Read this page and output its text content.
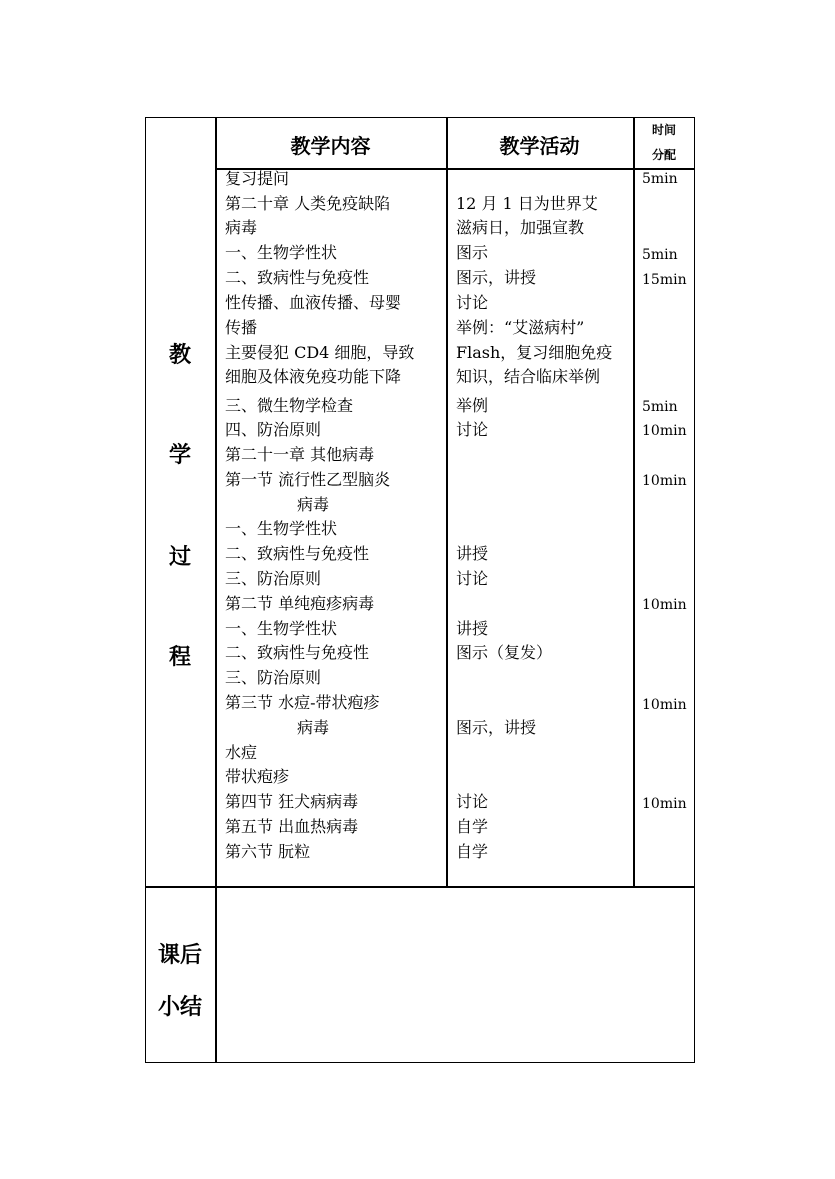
教学内容	教学活动
时间
分配
教
学
过
程
课后
小结
复习提问
第二十章 人类免疫缺陷
病毒
一、生物学性状
二、致病性与免疫性
性传播、血液传播、母婴
传播
主要侵犯 CD4 细胞，导致
细胞及体液免疫功能下降
三、微生物学检查
四、防治原则
第二十一章 其他病毒
第一节 流行性乙型脑炎
病毒
一、生物学性状
二、致病性与免疫性
三、防治原则
第二节 单纯疱疹病毒
一、生物学性状
二、致病性与免疫性
三、防治原则
第三节 水痘-带状疱疹
病毒
水痘
带状疱疹
第四节 狂犬病病毒
第五节 出血热病毒
第六节 朊粒
12 月 1 日为世界艾
滋病日，加强宣教
图示
图示，讲授
讨论
举例：“艾滋病村”
Flash，复习细胞免疫
知识，结合临床举例
举例
讨论
讲授
讨论
讲授
图示（复发）
图示，讲授
讨论
自学
自学
5min
5min
15min
5min
10min
10min
10min
10min
10min
